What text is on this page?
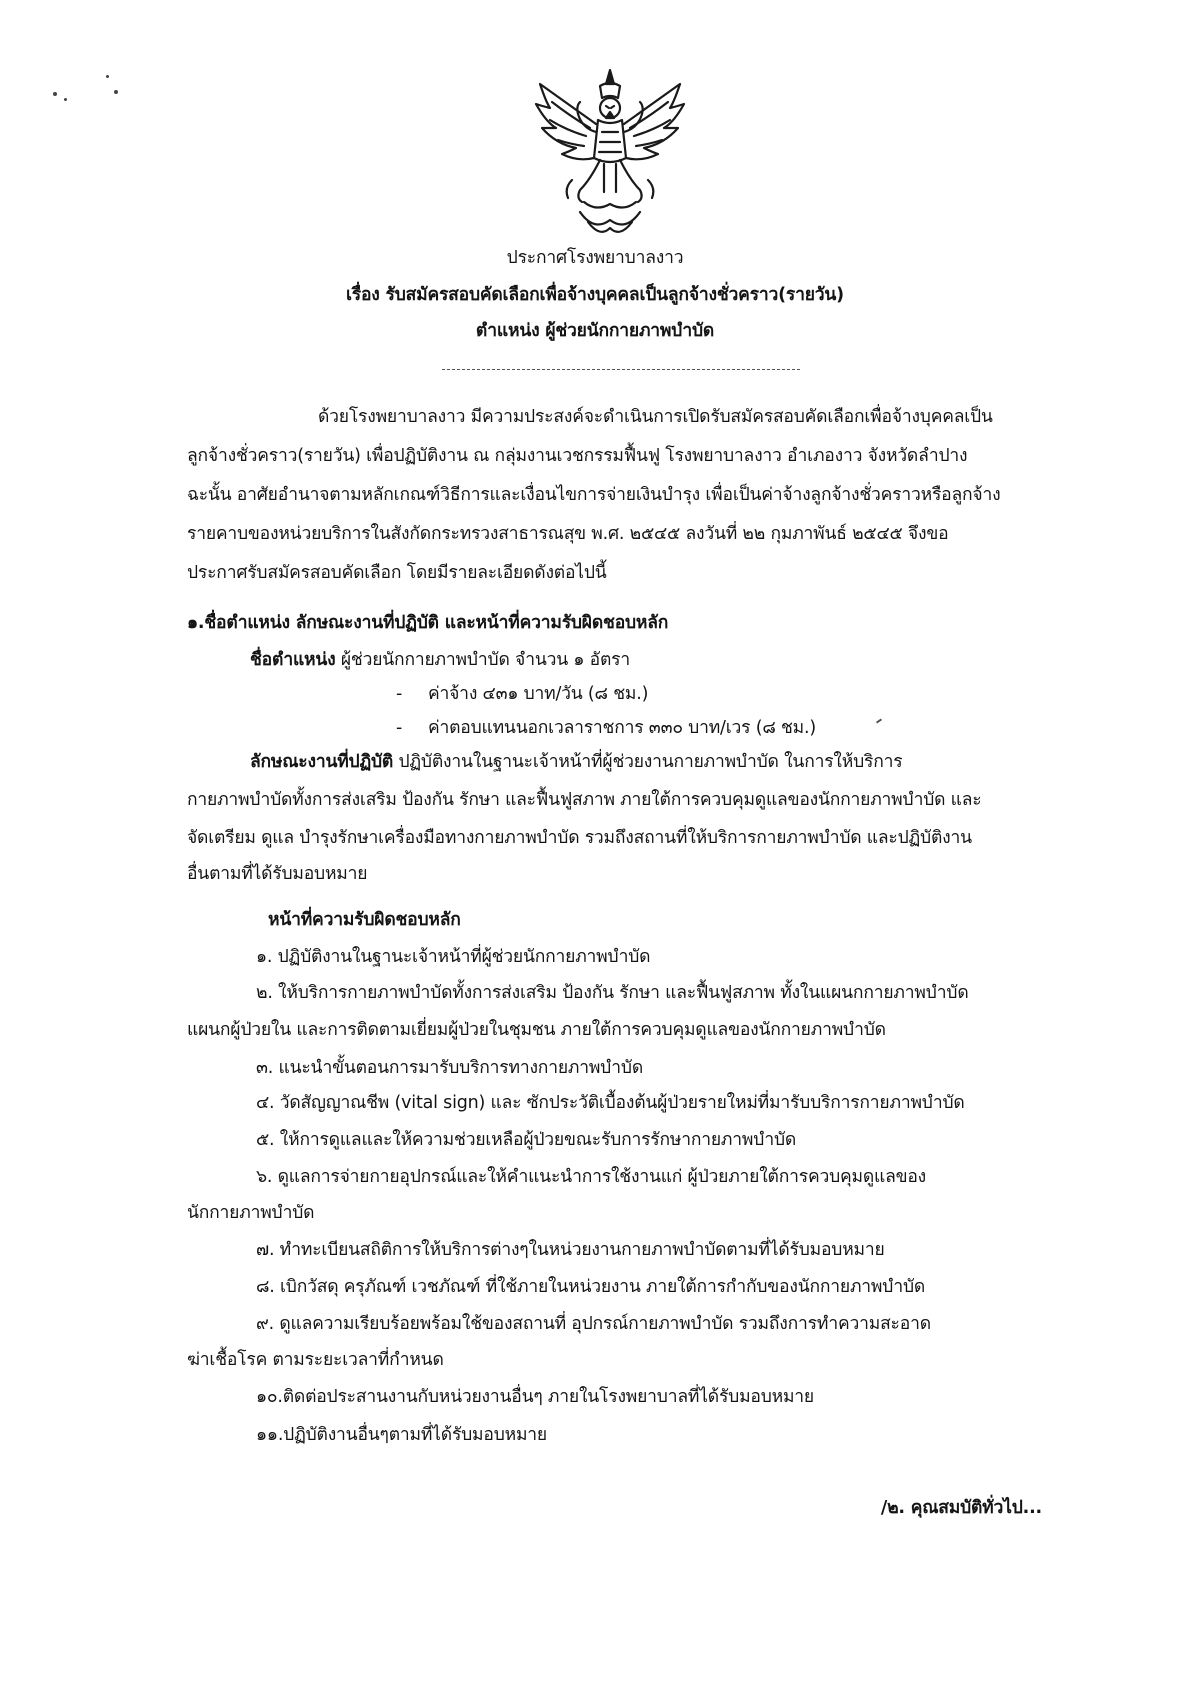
ประกาศโรงพยาบาลงาว
เรื่อง รับสมัครสอบคัดเลือกเพื่อจ้างบุคคลเป็นลูกจ้างชั่วคราว(รายวัน)
ตำแหน่ง ผู้ช่วยนักกายภาพบำบัด
ด้วยโรงพยาบาลงาว มีความประสงค์จะดำเนินการเปิดรับสมัครสอบคัดเลือกเพื่อจ้างบุคคลเป็น
ลูกจ้างชั่วคราว(รายวัน) เพื่อปฏิบัติงาน ณ กลุ่มงานเวชกรรมฟื้นฟู โรงพยาบาลงาว อำเภองาว จังหวัดลำปาง
ฉะนั้น อาศัยอำนาจตามหลักเกณฑ์วิธีการและเงื่อนไขการจ่ายเงินบำรุง เพื่อเป็นค่าจ้างลูกจ้างชั่วคราวหรือลูกจ้าง
รายคาบของหน่วยบริการในสังกัดกระทรวงสาธารณสุข พ.ศ. ๒๕๔๕ ลงวันที่ ๒๒ กุมภาพันธ์ ๒๕๔๕ จึงขอ
ประกาศรับสมัครสอบคัดเลือก โดยมีรายละเอียดดังต่อไปนี้
๑.ชื่อตำแหน่ง ลักษณะงานที่ปฏิบัติ และหน้าที่ความรับผิดชอบหลัก
ชื่อตำแหน่ง ผู้ช่วยนักกายภาพบำบัด จำนวน ๑ อัตรา
- ค่าจ้าง ๔๓๑ บาท/วัน (๘ ชม.)
- ค่าตอบแทนนอกเวลาราชการ ๓๓๐ บาท/เวร (๘ ชม.)
ลักษณะงานที่ปฏิบัติ ปฏิบัติงานในฐานะเจ้าหน้าที่ผู้ช่วยงานกายภาพบำบัด ในการให้บริการ
กายภาพบำบัดทั้งการส่งเสริม ป้องกัน รักษา และฟื้นฟูสภาพ ภายใต้การควบคุมดูแลของนักกายภาพบำบัด และ
จัดเตรียม ดูแล บำรุงรักษาเครื่องมือทางกายภาพบำบัด รวมถึงสถานที่ให้บริการกายภาพบำบัด และปฏิบัติงาน
อื่นตามที่ได้รับมอบหมาย
หน้าที่ความรับผิดชอบหลัก
๑. ปฏิบัติงานในฐานะเจ้าหน้าที่ผู้ช่วยนักกายภาพบำบัด
๒. ให้บริการกายภาพบำบัดทั้งการส่งเสริม ป้องกัน รักษา และฟื้นฟูสภาพ ทั้งในแผนกกายภาพบำบัด
แผนกผู้ป่วยใน และการติดตามเยี่ยมผู้ป่วยในชุมชน ภายใต้การควบคุมดูแลของนักกายภาพบำบัด
๓. แนะนำขั้นตอนการมารับบริการทางกายภาพบำบัด
๔. วัดสัญญาณชีพ (vital sign) และ ซักประวัติเบื้องต้นผู้ป่วยรายใหม่ที่มารับบริการกายภาพบำบัด
๕. ให้การดูแลและให้ความช่วยเหลือผู้ป่วยขณะรับการรักษากายภาพบำบัด
๖. ดูแลการจ่ายกายอุปกรณ์และให้คำแนะนำการใช้งานแก่ ผู้ป่วยภายใต้การควบคุมดูแลของ
นักกายภาพบำบัด
๗. ทำทะเบียนสถิติการให้บริการต่างๆในหน่วยงานกายภาพบำบัดตามที่ได้รับมอบหมาย
๘. เบิกวัสดุ ครุภัณฑ์ เวชภัณฑ์ ที่ใช้ภายในหน่วยงาน ภายใต้การกำกับของนักกายภาพบำบัด
๙. ดูแลความเรียบร้อยพร้อมใช้ของสถานที่ อุปกรณ์กายภาพบำบัด รวมถึงการทำความสะอาด
ฆ่าเชื้อโรค ตามระยะเวลาที่กำหนด
๑๐.ติดต่อประสานงานกับหน่วยงานอื่นๆ ภายในโรงพยาบาลที่ได้รับมอบหมาย
๑๑.ปฏิบัติงานอื่นๆตามที่ได้รับมอบหมาย
/๒. คุณสมบัติทั่วไป...
